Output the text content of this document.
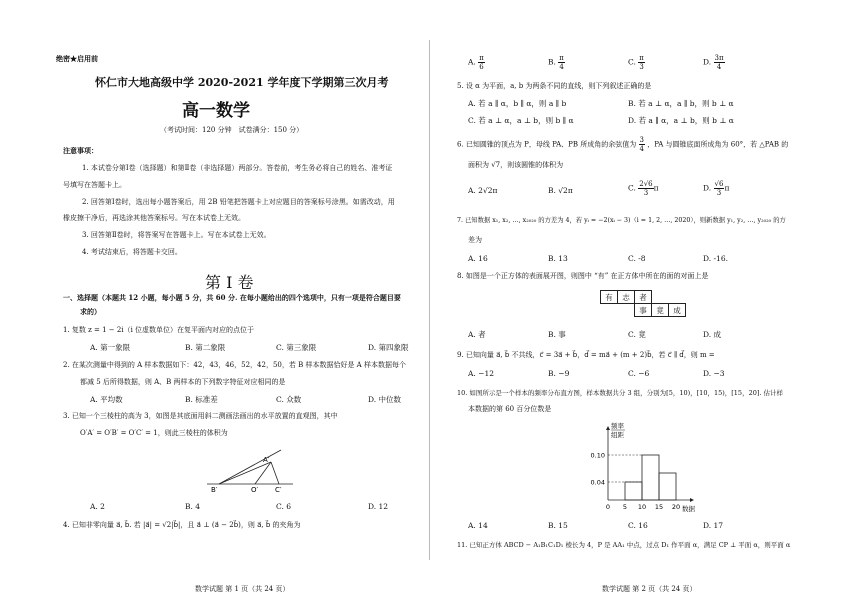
绝密★启用前
怀仁市大地高级中学 2020-2021 学年度下学期第三次月考
高一数学
（考试时间：120 分钟　试卷满分：150 分）
注意事项：
1. 本试卷分第Ⅰ卷（选择题）和第Ⅱ卷（非选择题）两部分。答卷前，考生务必将自己的姓名、准考证
号填写在答题卡上。
2. 回答第Ⅰ卷时，选出每小题答案后，用 2B 铅笔把答题卡上对应题目的答案标号涂黑。如需改动，用
橡皮擦干净后，再选涂其他答案标号。写在本试卷上无效。
3. 回答第Ⅱ卷时，将答案写在答题卡上。写在本试卷上无效。
4. 考试结束后，将答题卡交回。
第 Ⅰ 卷
一、选择题（本题共 12 小题，每小题 5 分，共 60 分. 在每小题给出的四个选项中，只有一项是符合题目要
求的）
1. 复数 z = 1 − 2i（i 位虚数单位）在复平面内对应的点位于
A. 第一象限	B. 第二象限	C. 第三象限	D. 第四象限
2. 在某次测量中得到的 A 样本数据如下：42，43，46，52，42，50，若 B 样本数据恰好是 A 样本数据每个
都减 5 后所得数据，则 A、B 两样本的下列数字特征对应相同的是
A. 平均数	B. 标准差	C. 众数	D. 中位数
3. 已知一个三棱柱的高为 3，如图是其底面用斜二测画法画出的水平放置的直观图，其中
O′A′ = O′B′ = O′C′ = 1，则此三棱柱的体积为
A′
B′	O′ C′
A. 2	B. 4	C. 6	D. 12
4. 已知非零向量 a⃗, b⃗. 若 |a⃗| = √2|b⃗|，且 a⃗ ⊥ (a⃗ − 2b⃗)，则 a⃗, b⃗ 的夹角为
数学试题 第 1 页（共 24 页）
A. $\frac{\pi}{6}$	B. $\frac{\pi}{4}$	C. $\frac{\pi}{3}$	D. $\frac{3\pi}{4}$
5. 设 α 为平面，a, b 为两条不同的直线，则下列叙述正确的是
A. 若 a ∥ α，b ∥ α，则 a ∥ b	B. 若 a ⊥ α，a ∥ b，则 b ⊥ α
C. 若 a ⊥ α，a ⊥ b，则 b ∥ α	D. 若 a ∥ α，a ⊥ b，则 b ⊥ α
6. 已知圆锥的顶点为 P，母线 PA、PB 所成角的余弦值为 $\frac{3}{4}$ ，PA 与圆锥底面所成角为 60°，若 △PAB 的
面积为 √7，则该圆锥的体积为
A. 2√2π	B. √2π	C. $\frac{2√6}{3}$ π	D. $\frac{√6}{3}$ π
7. 已知数据 x₁, x₂, …, x₂₀₂₀ 的方差为 4，若 yᵢ = −2(xᵢ − 3)（i = 1, 2, …, 2020），则新数据 y₁, y₂, …, y₂₀₂₀ 的方
差为
A. 16	B. 13	C. -8	D. -16.
8. 如图是一个正方体的表面展开图，则图中 “有” 在正方体中所在的面的对面上是
有	志	者
事	竟	成
A. 者	B. 事	C. 竟	D. 成
9. 已知向量 a⃗, b⃗ 不共线，c⃗ = 3a⃗ + b⃗，d⃗ = ma⃗ + (m + 2)b⃗，若 c⃗ ∥ d⃗，则 m =
A. −12	B. −9	C. −6	D. −3
10. 如图所示是一个样本的频率分布直方图，样本数据共分 3 组，分别为[5，10)，[10，15)，[15，20]. 估计样
本数据的第 60 百分位数是
0.04
0.10
0 5 10 15 20
频率
组距
数据
A. 14	B. 15	C. 16	D. 17
11. 已知正方体 ABCD − A₁B₁C₁D₁ 棱长为 4，P 是 AA₁ 中点，过点 D₁ 作平面 α，满足 CP ⊥ 平面 α，则平面 α
数学试题 第 2 页（共 24 页）
